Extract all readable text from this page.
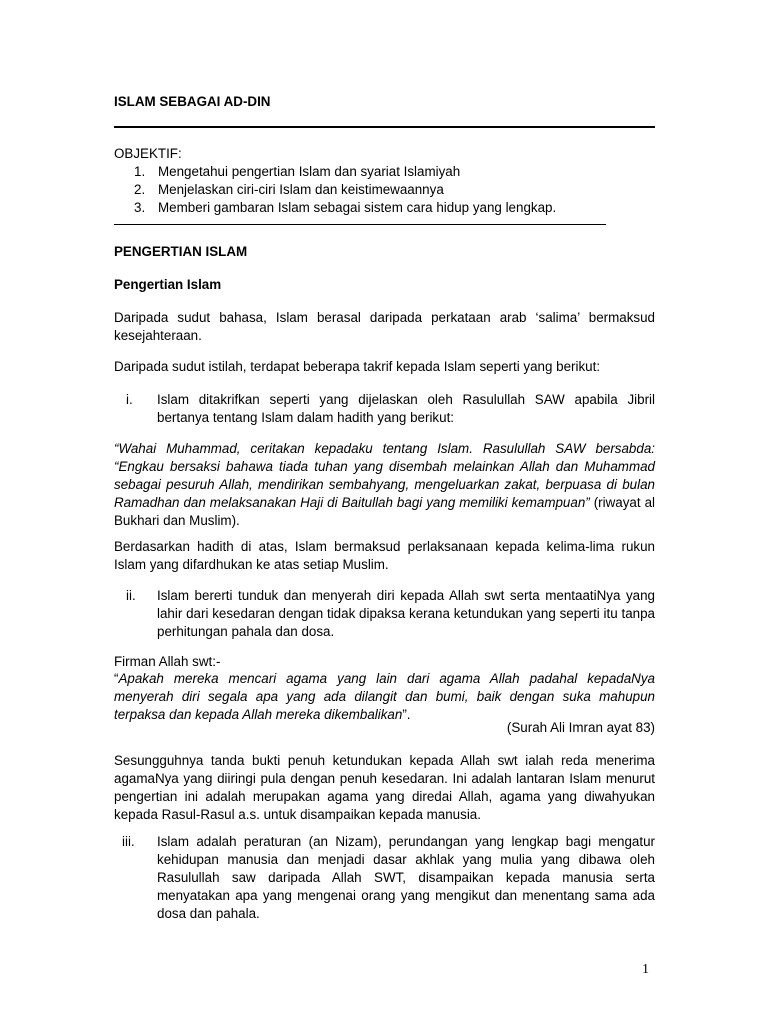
ISLAM SEBAGAI AD-DIN
OBJEKTIF:
1. Mengetahui pengertian Islam dan syariat Islamiyah
2. Menjelaskan ciri-ciri Islam dan keistimewaannya
3. Memberi gambaran Islam sebagai sistem cara hidup yang lengkap.
PENGERTIAN ISLAM
Pengertian Islam
Daripada sudut bahasa, Islam berasal daripada perkataan arab ‘salima’ bermaksud kesejahteraan.
Daripada sudut istilah, terdapat beberapa takrif kepada Islam seperti yang berikut:
i.	Islam ditakrifkan seperti yang dijelaskan oleh Rasulullah SAW apabila Jibril bertanya tentang Islam dalam hadith yang berikut:
“Wahai Muhammad, ceritakan kepadaku tentang Islam. Rasulullah SAW bersabda: “Engkau bersaksi bahawa tiada tuhan yang disembah melainkan Allah dan Muhammad sebagai pesuruh Allah, mendirikan sembahyang, mengeluarkan zakat, berpuasa di bulan Ramadhan dan melaksanakan Haji di Baitullah bagi yang memiliki kemampuan” (riwayat al Bukhari dan Muslim).
Berdasarkan hadith di atas, Islam bermaksud perlaksanaan kepada kelima-lima rukun Islam yang difardhukan ke atas setiap Muslim.
ii.	Islam bererti tunduk dan menyerah diri kepada Allah swt serta mentaatiNya yang lahir dari kesedaran dengan tidak dipaksa kerana ketundukan yang seperti itu tanpa perhitungan pahala dan dosa.
Firman Allah swt:-
“Apakah mereka mencari agama yang lain dari agama Allah padahal kepadaNya menyerah diri segala apa yang ada dilangit dan bumi, baik dengan suka mahupun terpaksa dan kepada Allah mereka dikembalikan”.
(Surah Ali Imran ayat 83)
Sesungguhnya tanda bukti penuh ketundukan kepada Allah swt ialah reda menerima agamaNya yang diiringi pula dengan penuh kesedaran. Ini adalah lantaran Islam menurut pengertian ini adalah merupakan agama yang diredai Allah, agama yang diwahyukan kepada Rasul-Rasul a.s. untuk disampaikan kepada manusia.
iii.	Islam adalah peraturan (an Nizam), perundangan yang lengkap bagi mengatur kehidupan manusia dan menjadi dasar akhlak yang mulia yang dibawa oleh Rasulullah saw daripada Allah SWT, disampaikan kepada manusia serta menyatakan apa yang mengenai orang yang mengikut dan menentang sama ada dosa dan pahala.
1
